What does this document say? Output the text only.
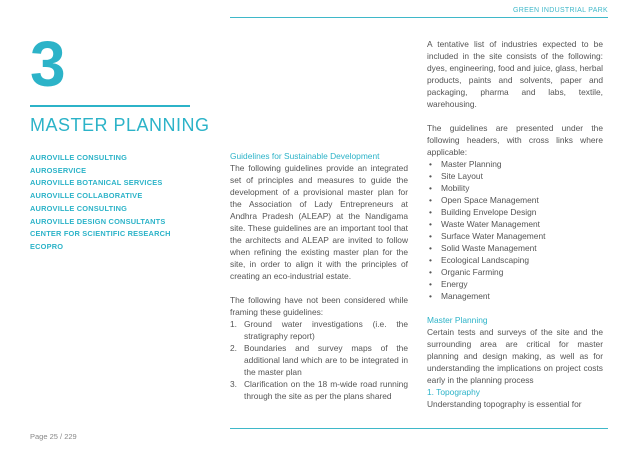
GREEN INDUSTRIAL PARK
3
MASTER PLANNING
AUROVILLE CONSULTING
AUROSERVICE
AUROVILLE BOTANICAL SERVICES
AUROVILLE COLLABORATIVE
AUROVILLE CONSULTING
AUROVILLE DESIGN CONSULTANTS
CENTER FOR SCIENTIFIC RESEARCH
ECOPRO

Guidelines for Sustainable Development

The following guidelines provide an integrated set of principles and measures to guide the development of a provisional master plan for the Association of Lady Entrepreneurs at Andhra Pradesh (ALEAP) at the Nandigama site. These guidelines are an important tool that the architects and ALEAP are invited to follow when refining the existing master plan for the site, in order to align it with the principles of creating an eco-industrial estate.

The following have not been considered while framing these guidelines:

1. Ground water investigations (i.e. the stratigraphy report)
2. Boundaries and survey maps of the additional land which are to be integrated in the master plan
3. Clarification on the 18 m-wide road running through the site as per the plans shared

A tentative list of industries expected to be included in the site consists of the following: dyes, engineering, food and juice, glass, herbal products, paints and solvents, paper and packaging, pharma and labs, textile, warehousing.

The guidelines are presented under the following headers, with cross links where applicable:

• Master Planning
• Site Layout
• Mobility
• Open Space Management
• Building Envelope Design
• Waste Water Management
• Surface Water Management
• Solid Waste Management
• Ecological Landscaping
• Organic Farming
• Energy
• Management

Master Planning

Certain tests and surveys of the site and the surrounding area are critical for master planning and design making, as well as for understanding the implications on project costs early in the planning process

1. Topography

Understanding topography is essential for

Page 25 / 229
